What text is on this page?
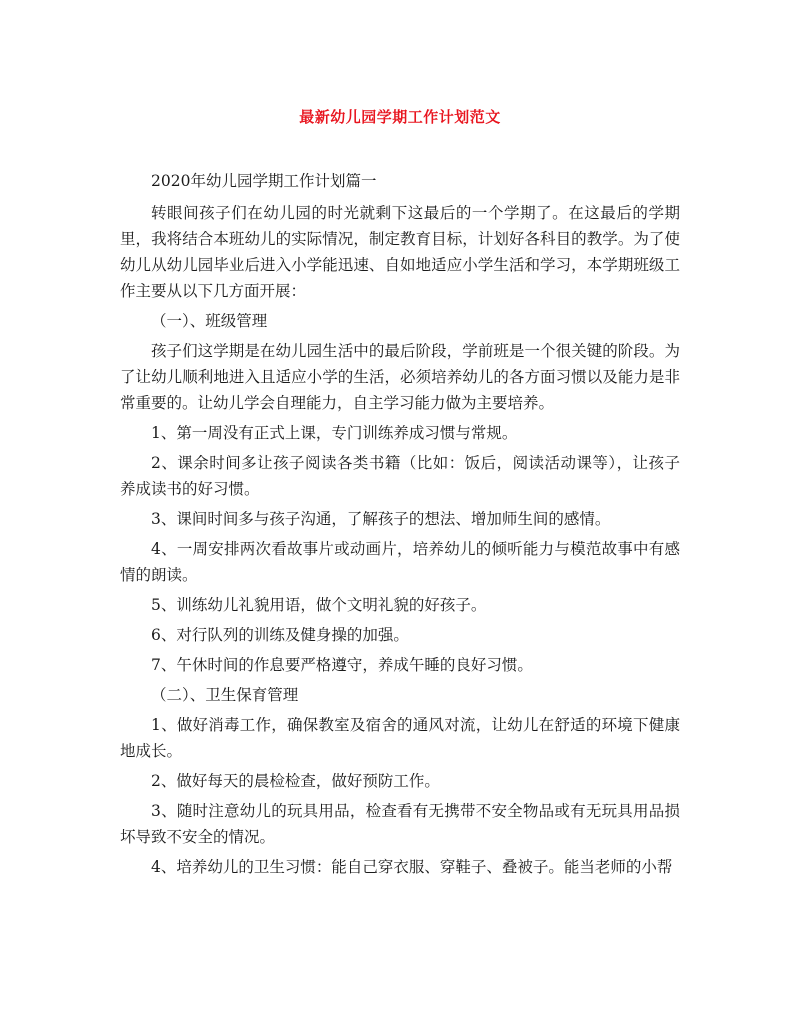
最新幼儿园学期工作计划范文

2020年幼儿园学期工作计划篇一

转眼间孩子们在幼儿园的时光就剩下这最后的一个学期了。在这最后的学期里，我将结合本班幼儿的实际情况，制定教育目标，计划好各科目的教学。为了使幼儿从幼儿园毕业后进入小学能迅速、自如地适应小学生活和学习，本学期班级工作主要从以下几方面开展：

（一）、班级管理

孩子们这学期是在幼儿园生活中的最后阶段，学前班是一个很关键的阶段。为了让幼儿顺利地进入且适应小学的生活，必须培养幼儿的各方面习惯以及能力是非常重要的。让幼儿学会自理能力，自主学习能力做为主要培养。

1、第一周没有正式上课，专门训练养成习惯与常规。

2、课余时间多让孩子阅读各类书籍（比如：饭后，阅读活动课等），让孩子养成读书的好习惯。

3、课间时间多与孩子沟通，了解孩子的想法、增加师生间的感情。

4、一周安排两次看故事片或动画片，培养幼儿的倾听能力与模范故事中有感情的朗读。

5、训练幼儿礼貌用语，做个文明礼貌的好孩子。

6、对行队列的训练及健身操的加强。

7、午休时间的作息要严格遵守，养成午睡的良好习惯。

（二）、卫生保育管理

1、做好消毒工作，确保教室及宿舍的通风对流，让幼儿在舒适的环境下健康地成长。

2、做好每天的晨检检查，做好预防工作。

3、随时注意幼儿的玩具用品，检查看有无携带不安全物品或有无玩具用品损坏导致不安全的情况。

4、培养幼儿的卫生习惯：能自己穿衣服、穿鞋子、叠被子。能当老师的小帮
